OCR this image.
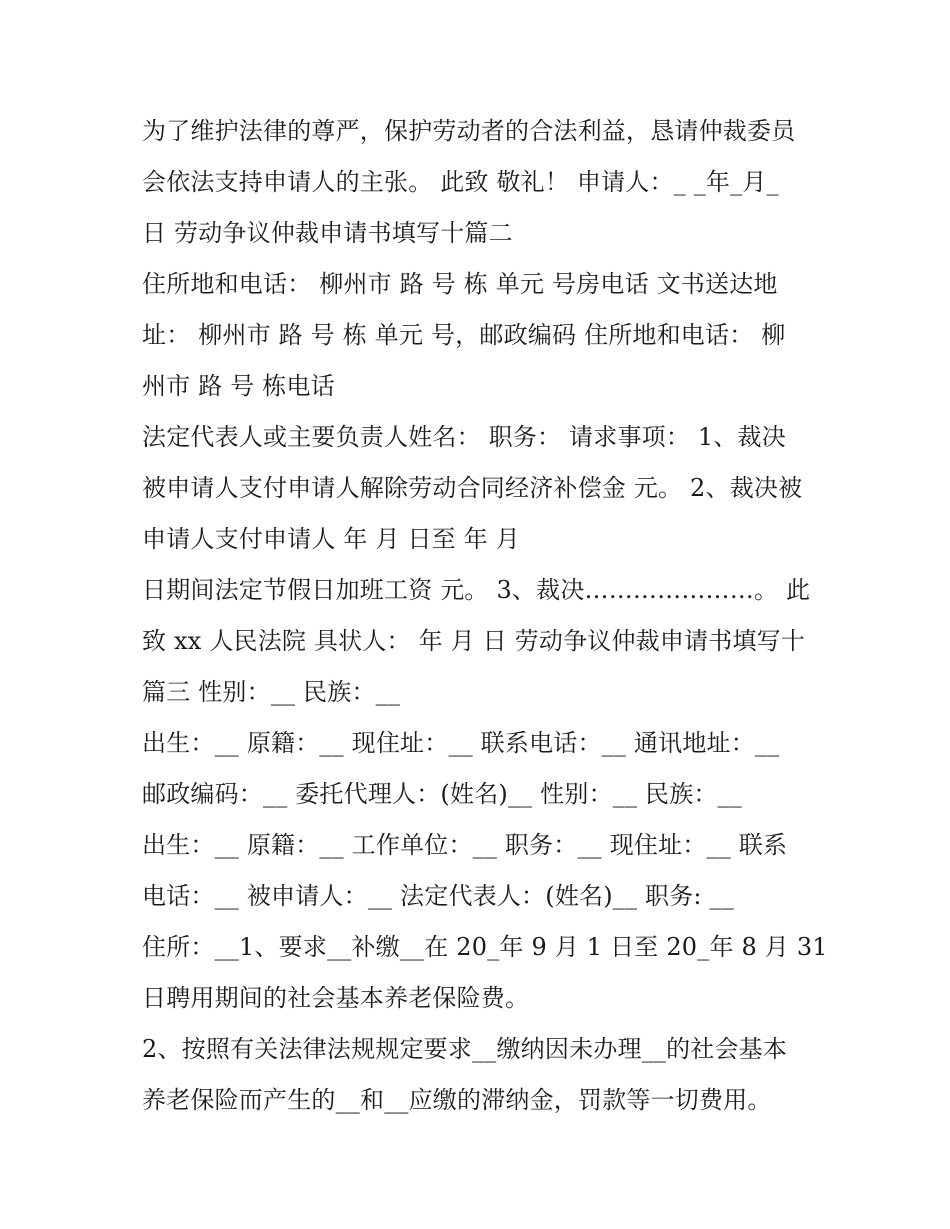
为了维护法律的尊严，保护劳动者的合法利益，恳请仲裁委员

会依法支持申请人的主张。 此致 敬礼！ 申请人：_ _年_月_

日 劳动争议仲裁申请书填写十篇二

住所地和电话： 柳州市 路 号 栋 单元 号房电话 文书送达地

址： 柳州市 路 号 栋 单元 号，邮政编码 住所地和电话： 柳

州市 路 号 栋电话

法定代表人或主要负责人姓名： 职务： 请求事项： 1、裁决

被申请人支付申请人解除劳动合同经济补偿金 元。 2、裁决被

申请人支付申请人 年 月 日至 年 月

日期间法定节假日加班工资 元。 3、裁决…………………。 此

致 xx 人民法院 具状人： 年 月 日 劳动争议仲裁申请书填写十

篇三 性别：__ 民族：__

出生：__ 原籍：__ 现住址：__ 联系电话：__ 通讯地址：__

邮政编码：__ 委托代理人：(姓名)__ 性别：__ 民族：__

出生：__ 原籍：__ 工作单位：__ 职务：__ 现住址：__ 联系

电话：__ 被申请人：__ 法定代表人：(姓名)__ 职务: __

住所：__1、要求__补缴__在 20_年 9 月 1 日至 20_年 8 月 31

日聘用期间的社会基本养老保险费。

2、按照有关法律法规规定要求__缴纳因未办理__的社会基本

养老保险而产生的__和__应缴的滞纳金，罚款等一切费用。
